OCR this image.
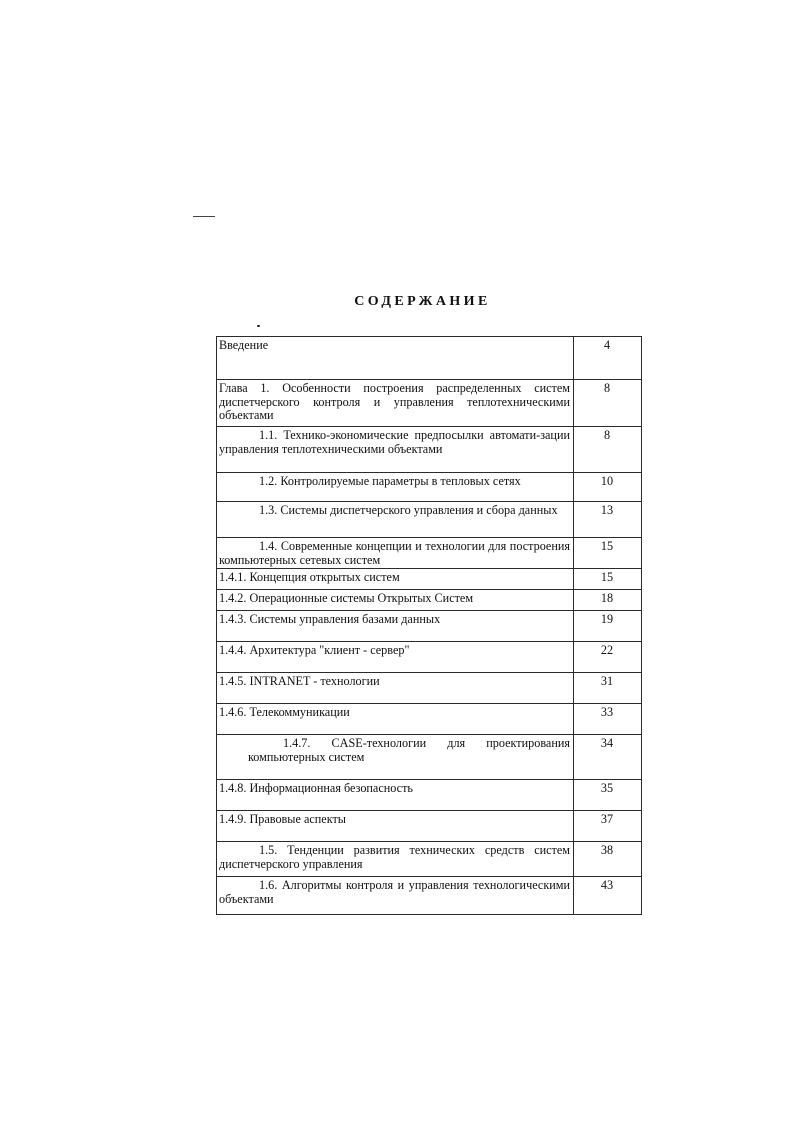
СОДЕРЖАНИЕ
Введение	4
Глава 1. Особенности построения распределенных систем диспетчерского контроля и управления теплотехническими объектами	8
1.1. Технико-экономические предпосылки автомати-зации управления теплотехническими объектами	8
1.2. Контролируемые параметры в тепловых сетях	10
1.3. Системы диспетчерского управления и сбора данных	13
1.4. Современные концепции и технологии для построения компьютерных сетевых систем	15
1.4.1. Концепция открытых систем	15
1.4.2. Операционные системы Открытых Систем	18
1.4.3. Системы управления базами данных	19
1.4.4. Архитектура "клиент - сервер"	22
1.4.5. INTRANET - технологии	31
1.4.6. Телекоммуникации	33
1.4.7. CASE-технологии для проектирования компьютерных систем	34
1.4.8. Информационная безопасность	35
1.4.9. Правовые аспекты	37
1.5. Тенденции развития технических средств систем диспетчерского управления	38
1.6. Алгоритмы контроля и управления технологическими объектами	43
